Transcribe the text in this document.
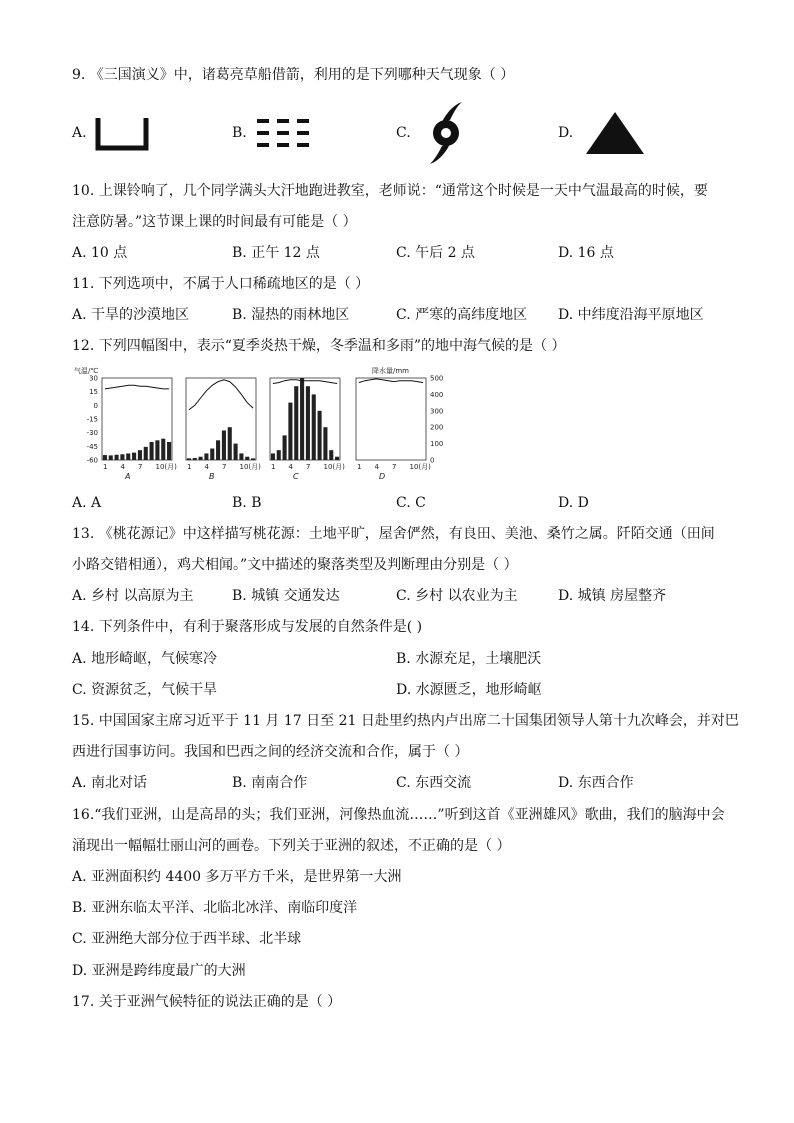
9. 《三国演义》中，诸葛亮草船借箭，利用的是下列哪种天气现象（ ）
A.	B.	C.	D.
10. 上课铃响了，几个同学满头大汗地跑进教室，老师说：“通常这个时候是一天中气温最高的时候，要
注意防暑。”这节课上课的时间最有可能是（ ）
A. 10 点	B. 正午 12 点	C. 午后 2 点	D. 16 点
11. 下列选项中，不属于人口稀疏地区的是（ ）
A. 干旱的沙漠地区	B. 湿热的雨林地区	C. 严寒的高纬度地区 D. 中纬度沿海平原地区
12. 下列四幅图中，表示“夏季炎热干燥，冬季温和多雨”的地中海气候的是（ ）
气温/℃	降水量/mm
30
15
0
-15
-30
-45
-60
500
400
300
200
100
0
1 4 7 10(月)
A
1 4 7 10(月)
B
1 4 7 10(月)
C
1 4 7 10(月)
D
A. A	B. B	C. C	D. D
13. 《桃花源记》中这样描写桃花源：土地平旷，屋舍俨然，有良田、美池、桑竹之属。阡陌交通（田间
小路交错相通），鸡犬相闻。”文中描述的聚落类型及判断理由分别是（ ）
A. 乡村 以高原为主	B. 城镇 交通发达	C. 乡村 以农业为主	D. 城镇 房屋整齐
14. 下列条件中，有利于聚落形成与发展的自然条件是( )
A. 地形崎岖，气候寒冷	B. 水源充足，土壤肥沃
C. 资源贫乏，气候干旱	D. 水源匮乏，地形崎岖
15. 中国国家主席习近平于 11 月 17 日至 21 日赴里约热内卢出席二十国集团领导人第十九次峰会，并对巴
西进行国事访问。我国和巴西之间的经济交流和合作，属于（ ）
A. 南北对话	B. 南南合作	C. 东西交流	D. 东西合作
16.“我们亚洲，山是高昂的头；我们亚洲，河像热血流……”听到这首《亚洲雄风》歌曲，我们的脑海中会
涌现出一幅幅壮丽山河的画卷。下列关于亚洲的叙述，不正确的是（ ）
A. 亚洲面积约 4400 多万平方千米，是世界第一大洲
B. 亚洲东临太平洋、北临北冰洋、南临印度洋
C. 亚洲绝大部分位于西半球、北半球
D. 亚洲是跨纬度最广的大洲
17. 关于亚洲气候特征的说法正确的是（ ）
